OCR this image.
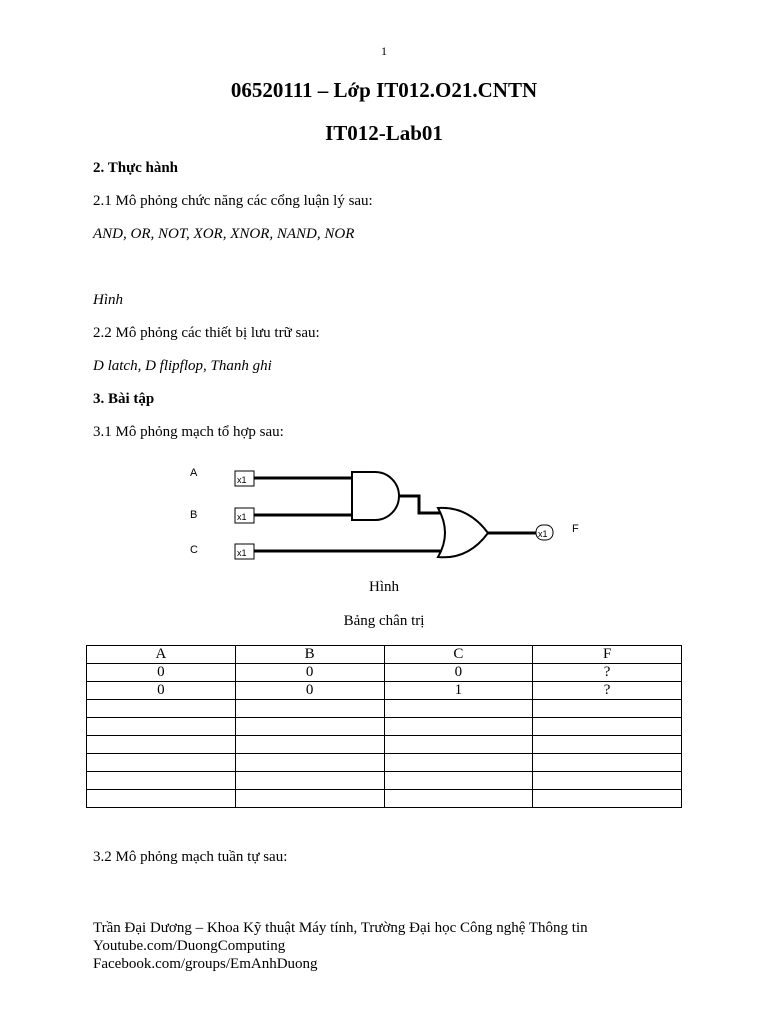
1
06520111 – Lớp IT012.O21.CNTN
IT012-Lab01
2. Thực hành
2.1 Mô phỏng chức năng các cổng luận lý sau:
AND, OR, NOT, XOR, XNOR, NAND, NOR
Hình
2.2 Mô phỏng các thiết bị lưu trữ sau:
D latch, D flipflop, Thanh ghi
3. Bài tập
3.1 Mô phỏng mạch tổ hợp sau:
A
B
C
x1
x1
x1
x1 F
Hình
Bảng chân trị
A	B	C	F
0	0	0	?
0	0	1	?

3.2 Mô phỏng mạch tuần tự sau:
Trần Đại Dương – Khoa Kỹ thuật Máy tính, Trường Đại học Công nghệ Thông tin
Youtube.com/DuongComputing
Facebook.com/groups/EmAnhDuong
